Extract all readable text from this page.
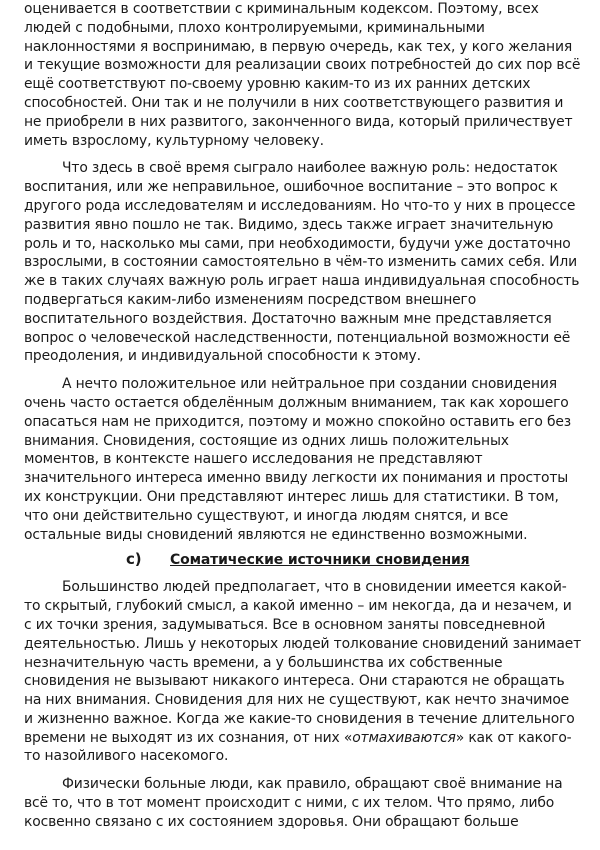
оценивается в соответствии с криминальным кодексом. Поэтому, всех людей с подобными, плохо контролируемыми, криминальными наклонностями я воспринимаю, в первую очередь, как тех, у кого желания и текущие возможности для реализации своих потребностей до сих пор всё ещё соответствуют по-своему уровню каким-то из их ранних детских способностей. Они так и не получили в них соответствующего развития и не приобрели в них развитого, законченного вида, который приличествует иметь взрослому, культурному человеку.

Что здесь в своё время сыграло наиболее важную роль: недостаток воспитания, или же неправильное, ошибочное воспитание – это вопрос к другого рода исследователям и исследованиям. Но что-то у них в процессе развития явно пошло не так. Видимо, здесь также играет значительную роль и то, насколько мы сами, при необходимости, будучи уже достаточно взрослыми, в состоянии самостоятельно в чём-то изменить самих себя. Или же в таких случаях важную роль играет наша индивидуальная способность подвергаться каким-либо изменениям посредством внешнего воспитательного воздействия. Достаточно важным мне представляется вопрос о человеческой наследственности, потенциальной возможности её преодоления, и индивидуальной способности к этому.

А нечто положительное или нейтральное при создании сновидения очень часто остается обделённым должным вниманием, так как хорошего опасаться нам не приходится, поэтому и можно спокойно оставить его без внимания. Сновидения, состоящие из одних лишь положительных моментов, в контексте нашего исследования не представляют значительного интереса именно ввиду легкости их понимания и простоты их конструкции. Они представляют интерес лишь для статистики. В том, что они действительно существуют, и иногда людям снятся, и все остальные виды сновидений являются не единственно возможными.

c) Соматические источники сновидения

Большинство людей предполагает, что в сновидении имеется какой-то скрытый, глубокий смысл, а какой именно – им некогда, да и незачем, и с их точки зрения, задумываться. Все в основном заняты повседневной деятельностью. Лишь у некоторых людей толкование сновидений занимает незначительную часть времени, а у большинства их собственные сновидения не вызывают никакого интереса. Они стараются не обращать на них внимания. Сновидения для них не существуют, как нечто значимое и жизненно важное. Когда же какие-то сновидения в течение длительного времени не выходят из их сознания, от них «отмахиваются» как от какого-то назойливого насекомого.

Физически больные люди, как правило, обращают своё внимание на всё то, что в тот момент происходит с ними, с их телом. Что прямо, либо косвенно связано с их состоянием здоровья. Они обращают больше
